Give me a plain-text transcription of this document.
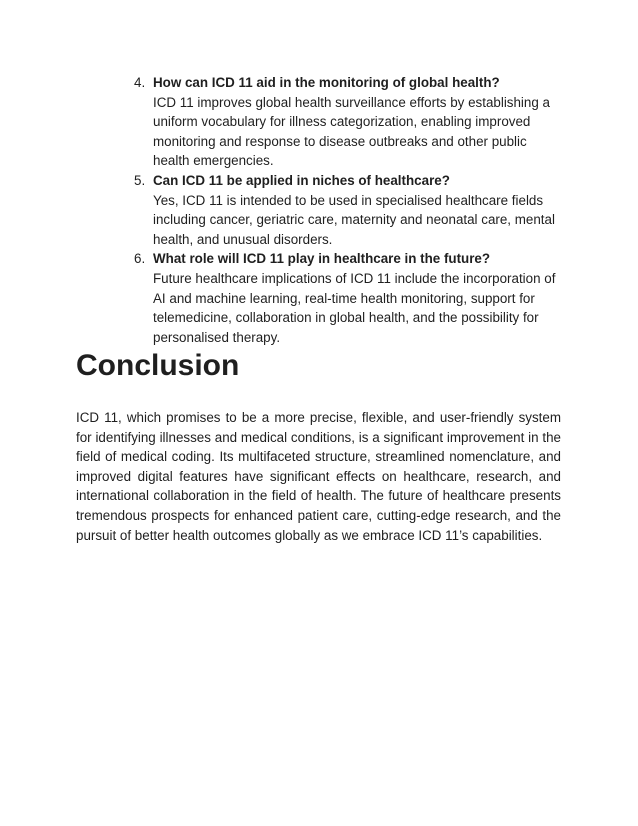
4. How can ICD 11 aid in the monitoring of global health?
ICD 11 improves global health surveillance efforts by establishing a uniform vocabulary for illness categorization, enabling improved monitoring and response to disease outbreaks and other public health emergencies.
5. Can ICD 11 be applied in niches of healthcare?
Yes, ICD 11 is intended to be used in specialised healthcare fields including cancer, geriatric care, maternity and neonatal care, mental health, and unusual disorders.
6. What role will ICD 11 play in healthcare in the future?
Future healthcare implications of ICD 11 include the incorporation of AI and machine learning, real-time health monitoring, support for telemedicine, collaboration in global health, and the possibility for personalised therapy.
Conclusion

ICD 11, which promises to be a more precise, flexible, and user-friendly system for identifying illnesses and medical conditions, is a significant improvement in the field of medical coding. Its multifaceted structure, streamlined nomenclature, and improved digital features have significant effects on healthcare, research, and international collaboration in the field of health. The future of healthcare presents tremendous prospects for enhanced patient care, cutting-edge research, and the pursuit of better health outcomes globally as we embrace ICD 11’s capabilities.
